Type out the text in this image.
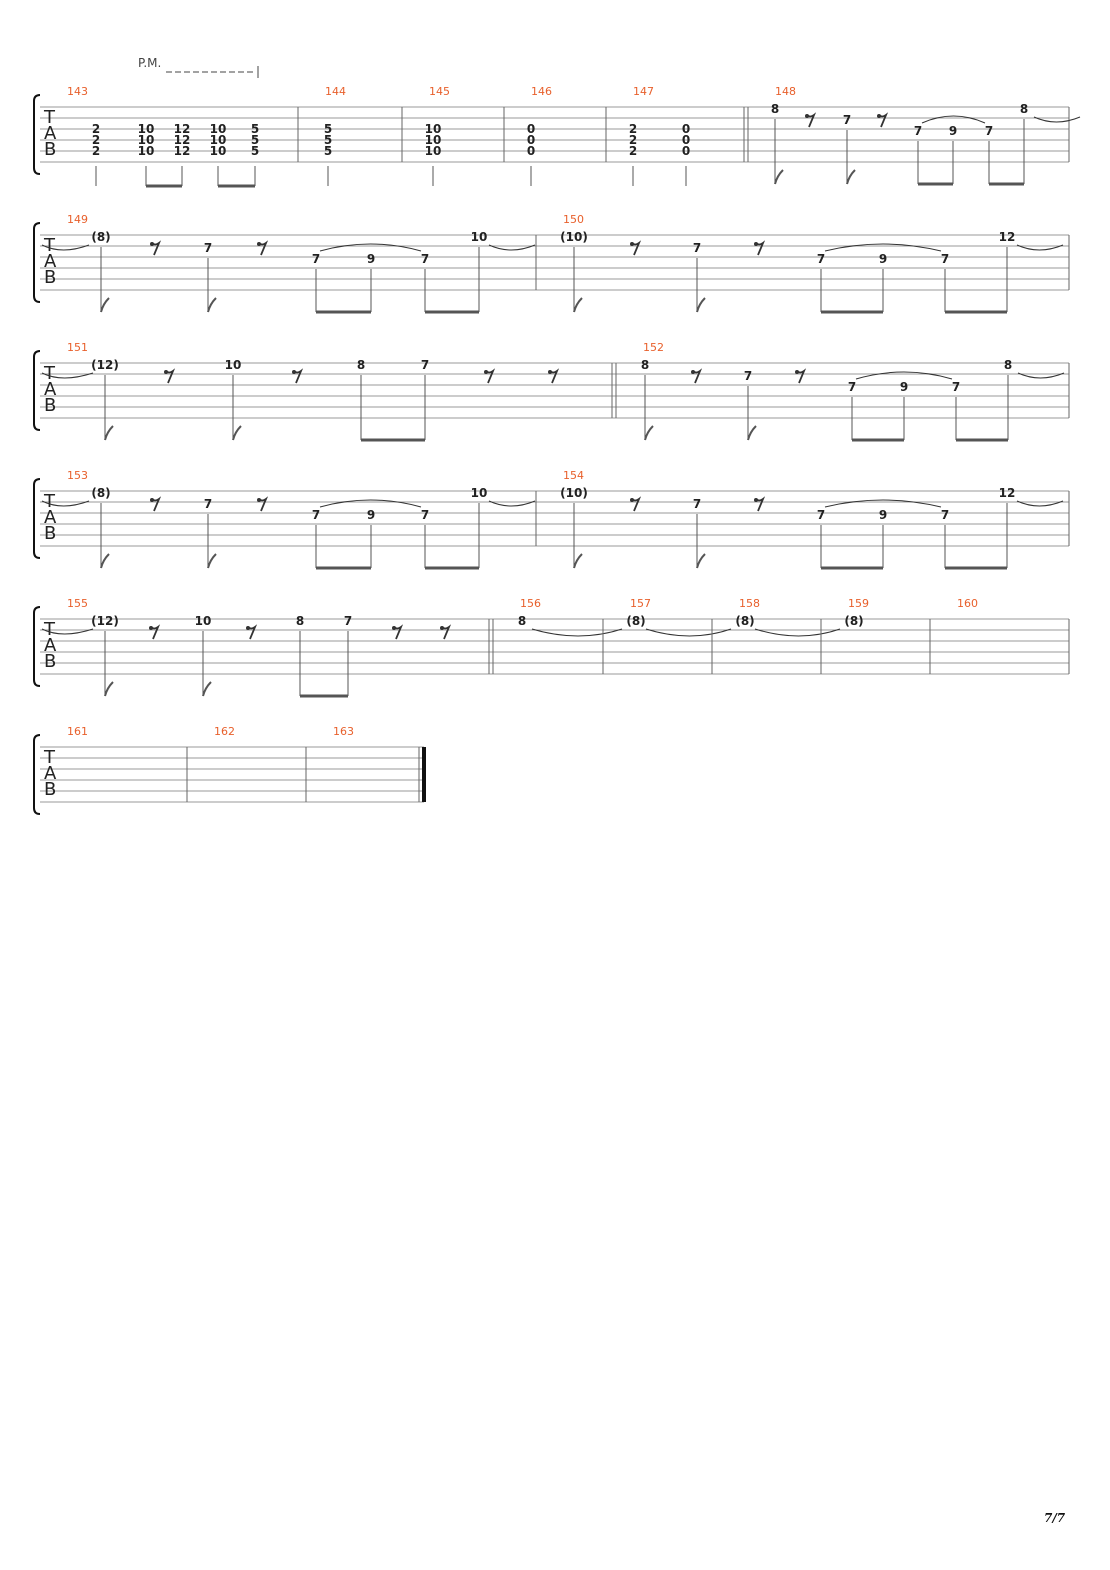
P.M.
7/7
T
A
B
143
2
2
2
10
10
10
12
12
12
10
10
10
5
5
5
144
5
5
5
145
10
10
10
146
0
0
0
147
2
2
2
0
0
0
148
8
7
7 9 7
8
T
A
B
149
(8)
7
7	9	7
10
150
(10)
7
7	9	7
12
T
A
B
151
(12)	10	8	7
152
8
7
7	9	7
8
T
A
B
153
(8)
7
7	9	7
10
154
(10)
7
7	9	7
12
T
A
B
155
(12)	10	8	7
156
8
157
(8)
158
(8)
159
(8)
160
T
A
B
161	162	163
